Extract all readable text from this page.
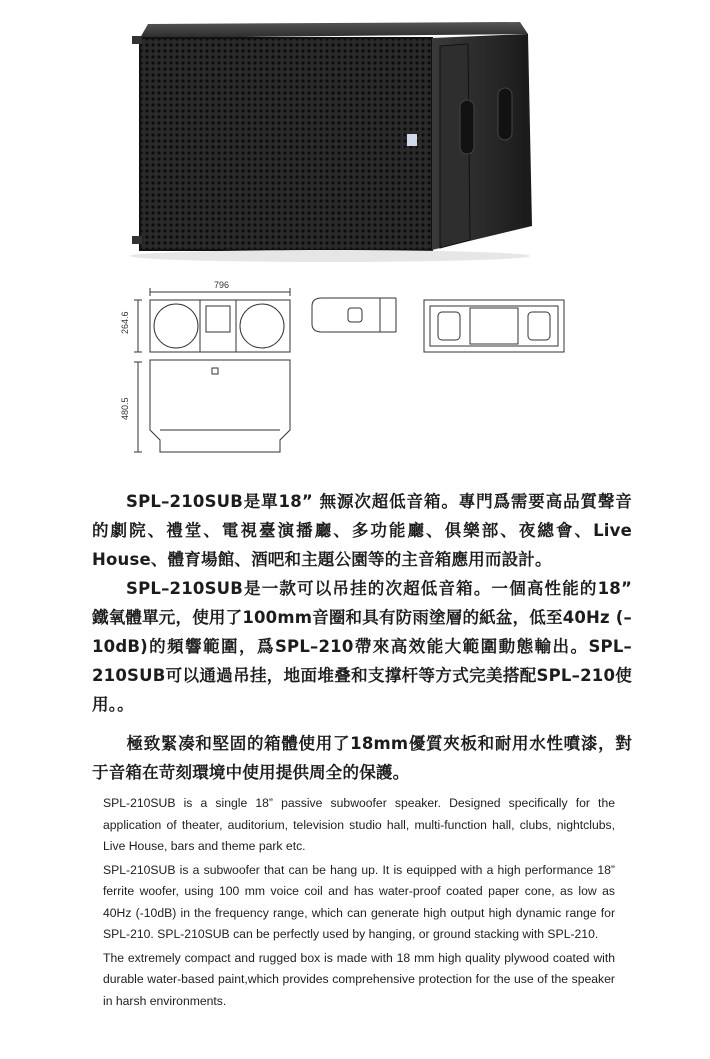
796
264.6
480.5

SPL–210SUB是單18” 無源次超低音箱。專門爲需要高品質聲音的劇院、禮堂、電視臺演播廳、多功能廳、俱樂部、夜總會、Live House、體育場館、酒吧和主題公園等的主音箱應用而設計。

SPL–210SUB是一款可以吊挂的次超低音箱。一個高性能的18” 鐵氧體單元，使用了100mm音圈和具有防雨塗層的紙盆，低至40Hz (–10dB)的頻響範圍，爲SPL–210帶來高效能大範圍動態輸出。SPL–210SUB可以通過吊挂，地面堆叠和支撑杆等方式完美搭配SPL–210使用。。

極致緊凑和堅固的箱體使用了18mm優質夾板和耐用水性噴漆，對于音箱在苛刻環境中使用提供周全的保護。

SPL-210SUB is a single 18” passive subwoofer speaker. Designed specifically for the application of theater, auditorium, television studio hall, multi-function hall, clubs, nightclubs, Live House, bars and theme park etc.

SPL-210SUB is a subwoofer that can be hang up. It is equipped with a high performance 18” ferrite woofer, using 100 mm voice coil and has water-proof coated paper cone, as low as 40Hz (-10dB) in the frequency range, which can generate high output high dynamic range for SPL-210. SPL-210SUB can be perfectly used by hanging, or ground stacking with SPL-210.

The extremely compact and rugged box is made with 18 mm high quality plywood coated with durable water-based paint,which provides comprehensive protection for the use of the speaker in harsh environments.
